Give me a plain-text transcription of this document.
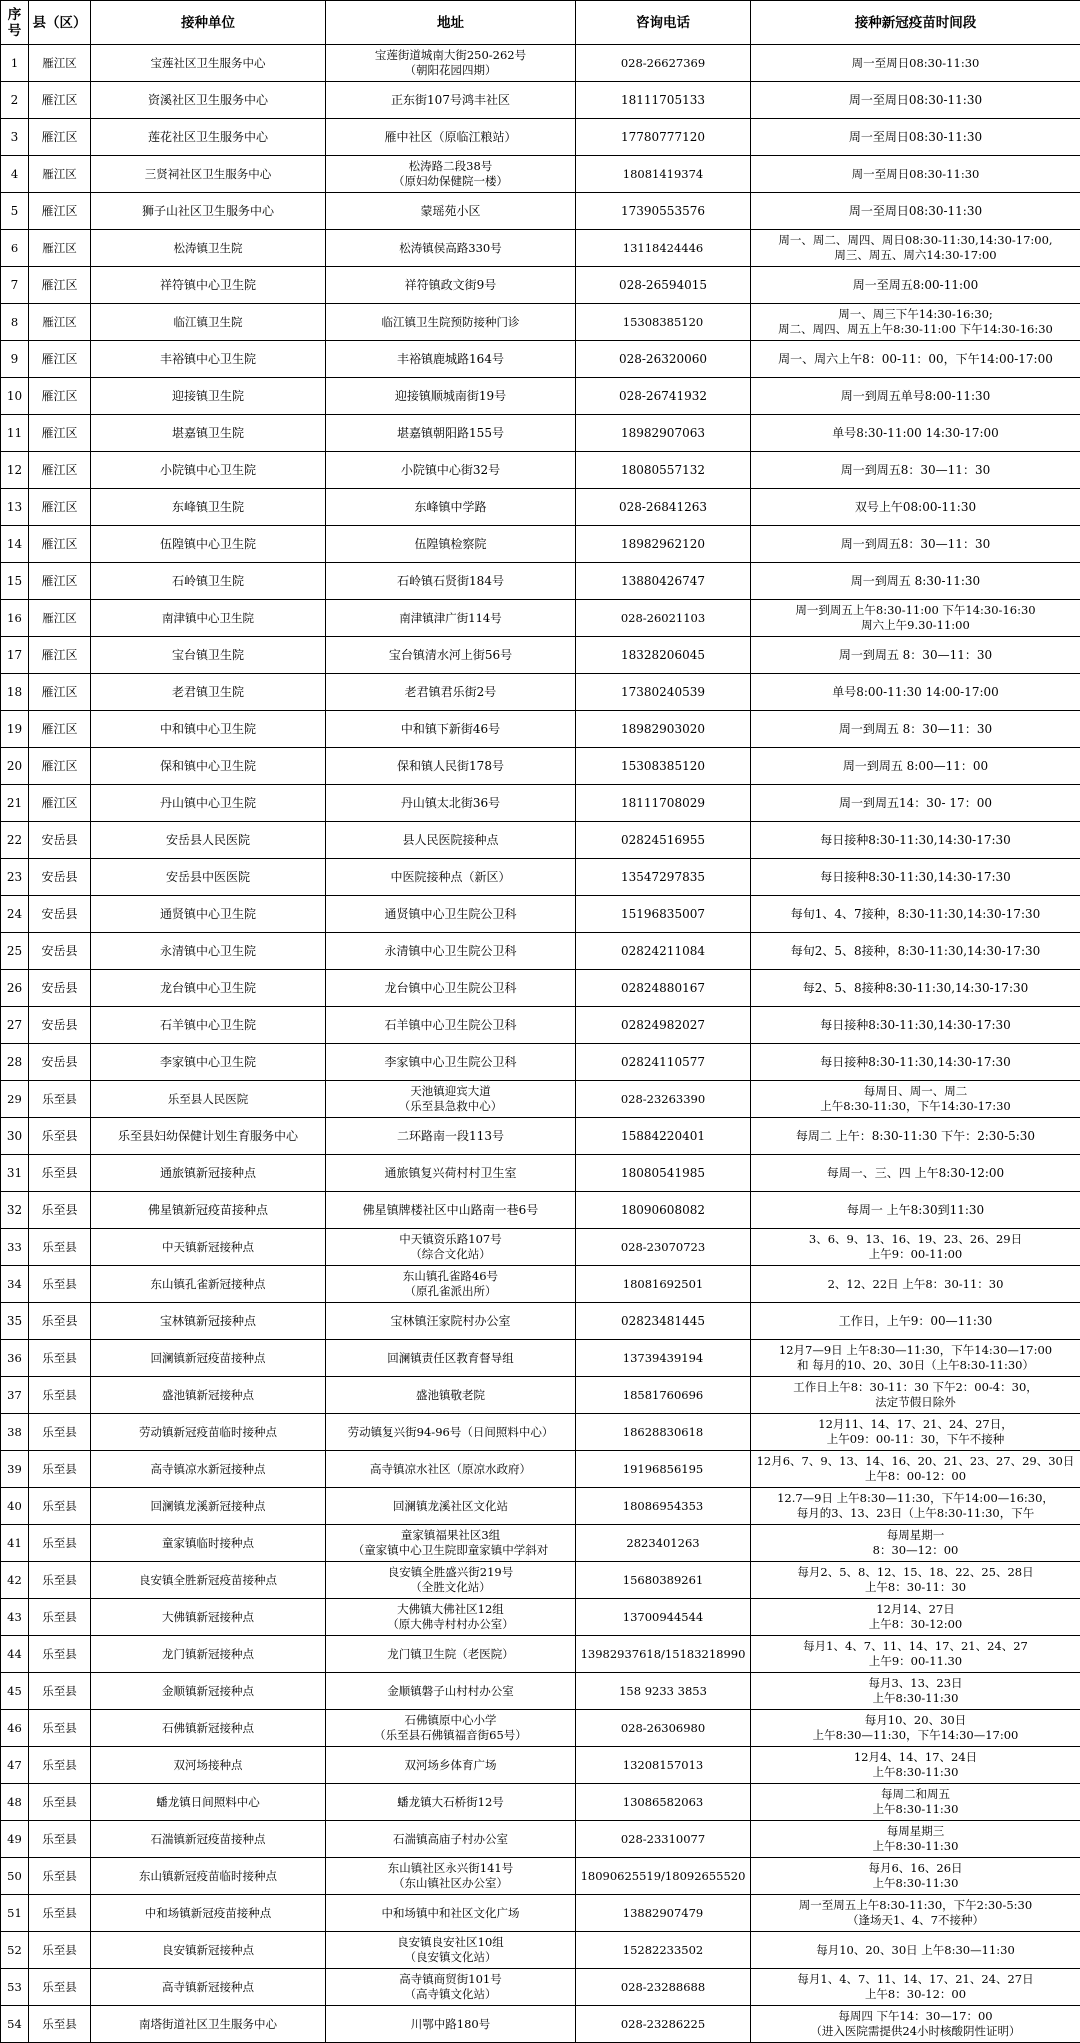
序号	县（区）	接种单位	地址	咨询电话	接种新冠疫苗时间段
1	雁江区	宝莲社区卫生服务中心	宝莲街道城南大街250-262号
（朝阳花园四期）	028-26627369	周一至周日08:30-11:30
2	雁江区	资溪社区卫生服务中心	正东街107号鸿丰社区	18111705133	周一至周日08:30-11:30
3	雁江区	莲花社区卫生服务中心	雁中社区（原临江粮站）	17780777120	周一至周日08:30-11:30
4	雁江区	三贤祠社区卫生服务中心	松涛路二段38号
（原妇幼保健院一楼）	18081419374	周一至周日08:30-11:30
5	雁江区	狮子山社区卫生服务中心	蒙瑶苑小区	17390553576	周一至周日08:30-11:30
6	雁江区	松涛镇卫生院	松涛镇侯高路330号	13118424446	周一、周二、周四、周日08:30-11:30,14:30-17:00,
周三、周五、周六14:30-17:00
7	雁江区	祥符镇中心卫生院	祥符镇政文街9号	028-26594015	周一至周五8:00-11:00
8	雁江区	临江镇卫生院	临江镇卫生院预防接种门诊	15308385120	周一、周三下午14:30-16:30;
周二、周四、周五上午8:30-11:00 下午14:30-16:30
9	雁江区	丰裕镇中心卫生院	丰裕镇鹿城路164号	028-26320060	周一、周六上午8：00-11：00，下午14:00-17:00
10	雁江区	迎接镇卫生院	迎接镇顺城南街19号	028-26741932	周一到周五单号8:00-11:30
11	雁江区	堪嘉镇卫生院	堪嘉镇朝阳路155号	18982907063	单号8:30-11:00 14:30-17:00
12	雁江区	小院镇中心卫生院	小院镇中心街32号	18080557132	周一到周五8：30—11：30
13	雁江区	东峰镇卫生院	东峰镇中学路	028-26841263	双号上午08:00-11:30
14	雁江区	伍隍镇中心卫生院	伍隍镇检察院	18982962120	周一到周五8：30—11：30
15	雁江区	石岭镇卫生院	石岭镇石贤街184号	13880426747	周一到周五 8:30-11:30
16	雁江区	南津镇中心卫生院	南津镇津广街114号	028-26021103	周一到周五上午8:30-11:00 下午14:30-16:30
周六上午9.30-11:00
17	雁江区	宝台镇卫生院	宝台镇清水河上街56号	18328206045	周一到周五 8：30—11：30
18	雁江区	老君镇卫生院	老君镇君乐街2号	17380240539	单号8:00-11:30 14:00-17:00
19	雁江区	中和镇中心卫生院	中和镇下新街46号	18982903020	周一到周五 8：30—11：30
20	雁江区	保和镇中心卫生院	保和镇人民街178号	15308385120	周一到周五 8:00—11：00
21	雁江区	丹山镇中心卫生院	丹山镇太北街36号	18111708029	周一到周五14：30- 17：00
22	安岳县	安岳县人民医院	县人民医院接种点	02824516955	每日接种8:30-11:30,14:30-17:30
23	安岳县	安岳县中医医院	中医院接种点（新区）	13547297835	每日接种8:30-11:30,14:30-17:30
24	安岳县	通贤镇中心卫生院	通贤镇中心卫生院公卫科	15196835007	每旬1、4、7接种，8:30-11:30,14:30-17:30
25	安岳县	永清镇中心卫生院	永清镇中心卫生院公卫科	02824211084	每旬2、5、8接种，8:30-11:30,14:30-17:30
26	安岳县	龙台镇中心卫生院	龙台镇中心卫生院公卫科	02824880167	每2、5、8接种8:30-11:30,14:30-17:30
27	安岳县	石羊镇中心卫生院	石羊镇中心卫生院公卫科	02824982027	每日接种8:30-11:30,14:30-17:30
28	安岳县	李家镇中心卫生院	李家镇中心卫生院公卫科	02824110577	每日接种8:30-11:30,14:30-17:30
29	乐至县	乐至县人民医院	天池镇迎宾大道
（乐至县急救中心）	028-23263390	每周日、周一、周二
上午8:30-11:30，下午14:30-17:30
30	乐至县	乐至县妇幼保健计划生育服务中心	二环路南一段113号	15884220401	每周二 上午：8:30-11:30 下午：2:30-5:30
31	乐至县	通旅镇新冠接种点	通旅镇复兴荷村村卫生室	18080541985	每周一、三、四 上午8:30-12:00
32	乐至县	佛星镇新冠疫苗接种点	佛星镇牌楼社区中山路南一巷6号	18090608082	每周一 上午8:30到11:30
33	乐至县	中天镇新冠接种点	中天镇资乐路107号
（综合文化站）	028-23070723	3、6、9、13、16、19、23、26、29日
上午9：00-11:00
34	乐至县	东山镇孔雀新冠接种点	东山镇孔雀路46号
（原孔雀派出所）	18081692501	2、12、22日 上午8：30-11：30
35	乐至县	宝林镇新冠接种点	宝林镇汪家院村办公室	02823481445	工作日，上午9：00—11:30
36	乐至县	回澜镇新冠疫苗接种点	回澜镇责任区教育督导组	13739439194	12月7—9日 上午8:30—11:30，下午14:30—17:00
和 每月的10、20、30日（上午8:30-11:30）
37	乐至县	盛池镇新冠接种点	盛池镇敬老院	18581760696	工作日上午8：30-11：30 下午2：00-4：30，
法定节假日除外
38	乐至县	劳动镇新冠疫苗临时接种点	劳动镇复兴街94-96号（日间照料中心）	18628830618	12月11、14、17、21、24、27日，
上午09：00-11：30，下午不接种
39	乐至县	高寺镇凉水新冠接种点	高寺镇凉水社区（原凉水政府）	19196856195	12月6、7、9、13、14、16、20、21、23、27、29、30日
上午8：00-12：00
40	乐至县	回澜镇龙溪新冠接种点	回澜镇龙溪社区文化站	18086954353	12.7—9日 上午8:30—11:30，下午14:00—16:30，
每月的3、13、23日（上午8:30-11:30，下午
41	乐至县	童家镇临时接种点	童家镇福果社区3组
（童家镇中心卫生院即童家镇中学斜对	2823401263	每周星期一
8：30—12：00
42	乐至县	良安镇全胜新冠疫苗接种点	良安镇全胜盛兴街219号
（全胜文化站）	15680389261	每月2、5、8、12、15、18、22、25、28日
上午8：30-11：30
43	乐至县	大佛镇新冠接种点	大佛镇大佛社区12组
（原大佛寺村村办公室）	13700944544	12月14、27日
上午8：30-12:00
44	乐至县	龙门镇新冠接种点	龙门镇卫生院（老医院）	13982937618/15183218990	每月1、4、7、11、14、17、21、24、27
上午9：00-11.30
45	乐至县	金顺镇新冠接种点	金顺镇磐子山村村办公室	158 9233 3853	每月3、13、23日
上午8:30-11:30
46	乐至县	石佛镇新冠接种点	石佛镇原中心小学
（乐至县石佛镇福音街65号）	028-26306980	每月10、20、30日
上午8:30—11:30，下午14:30—17:00
47	乐至县	双河场接种点	双河场乡体育广场	13208157013	12月4、14、17、24日
上午8:30-11:30
48	乐至县	蟠龙镇日间照料中心	蟠龙镇大石桥街12号	13086582063	每周二和周五
上午8:30-11:30
49	乐至县	石湍镇新冠疫苗接种点	石湍镇高庙子村办公室	028-23310077	每周星期三
上午8:30-11:30
50	乐至县	东山镇新冠疫苗临时接种点	东山镇社区永兴街141号
（东山镇社区办公室）	18090625519/18092655520	每月6、16、26日
上午8:30-11:30
51	乐至县	中和场镇新冠疫苗接种点	中和场镇中和社区文化广场	13882907479	周一至周五上午8:30-11:30，下午2:30-5:30
（逢场天1、4、7不接种）
52	乐至县	良安镇新冠接种点	良安镇良安社区10组
（良安镇文化站）	15282233502	每月10、20、30日 上午8:30—11:30
53	乐至县	高寺镇新冠接种点	高寺镇商贸街101号
（高寺镇文化站）	028-23288688	每月1、4、7、11、14、17、21、24、27日
上午8：30-12：00
54	乐至县	南塔街道社区卫生服务中心	川鄂中路180号	028-23286225	每周四 下午14：30—17：00
（进入医院需提供24小时核酸阴性证明）
